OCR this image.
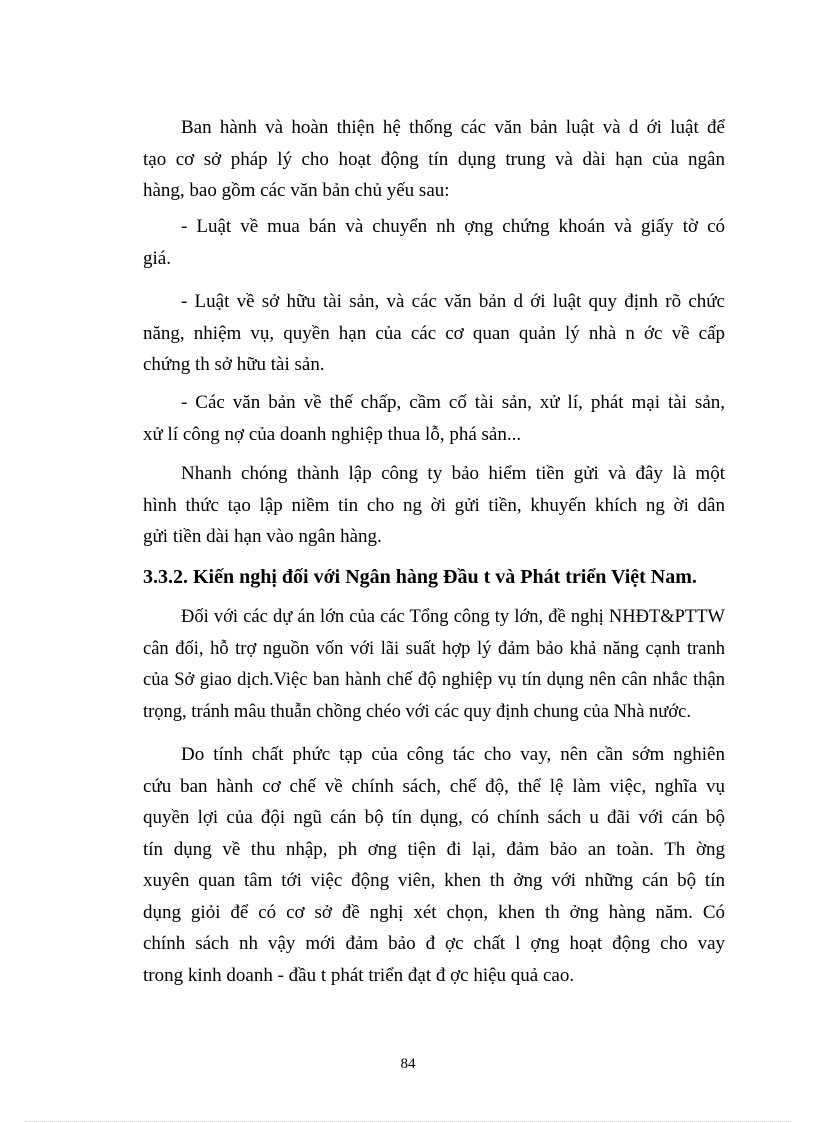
Ban hành và hoàn thiện hệ thống các văn bản luật và d ới luật để
tạo cơ sở pháp lý cho hoạt động tín dụng trung và dài hạn của ngân
hàng, bao gồm các văn bản chủ yếu sau:

- Luật về mua bán và chuyển nh ợng chứng khoán và giấy tờ có
giá.

- Luật về sở hữu tài sản, và các văn bản d ới luật quy định rõ chức
năng, nhiệm vụ, quyền hạn của các cơ quan quản lý nhà n ớc về cấp
chứng th sở hữu tài sản.

- Các văn bản về thế chấp, cầm cố tài sản, xử lí, phát mại tài sản,
xử lí công nợ của doanh nghiệp thua lỗ, phá sản...

Nhanh chóng thành lập công ty bảo hiểm tiền gửi và đây là một
hình thức tạo lập niềm tin cho ng ời gửi tiền, khuyến khích ng ời dân
gửi tiền dài hạn vào ngân hàng.

3.3.2. Kiến nghị đối với Ngân hàng Đầu t và Phát triển Việt Nam.

Đối với các dự án lớn của các Tổng công ty lớn, đề nghị NHĐT&PTTW
cân đối, hỗ trợ nguồn vốn với lãi suất hợp lý đảm bảo khả năng cạnh tranh
của Sở giao dịch.Việc ban hành chế độ nghiệp vụ tín dụng nên cân nhắc thận
trọng, tránh mâu thuẫn chồng chéo với các quy định chung của Nhà nước.

Do tính chất phức tạp của công tác cho vay, nên cần sớm nghiên
cứu ban hành cơ chế về chính sách, chế độ, thể lệ làm việc, nghĩa vụ
quyền lợi của đội ngũ cán bộ tín dụng, có chính sách u đãi với cán bộ
tín dụng về thu nhập, ph ơng tiện đi lại, đảm bảo an toàn. Th ờng
xuyên quan tâm tới việc động viên, khen th ởng với những cán bộ tín
dụng giỏi để có cơ sở đề nghị xét chọn, khen th ởng hàng năm. Có
chính sách nh vậy mới đảm bảo đ ợc chất l ợng hoạt động cho vay
trong kinh doanh - đầu t phát triển đạt đ ợc hiệu quả cao.

84
